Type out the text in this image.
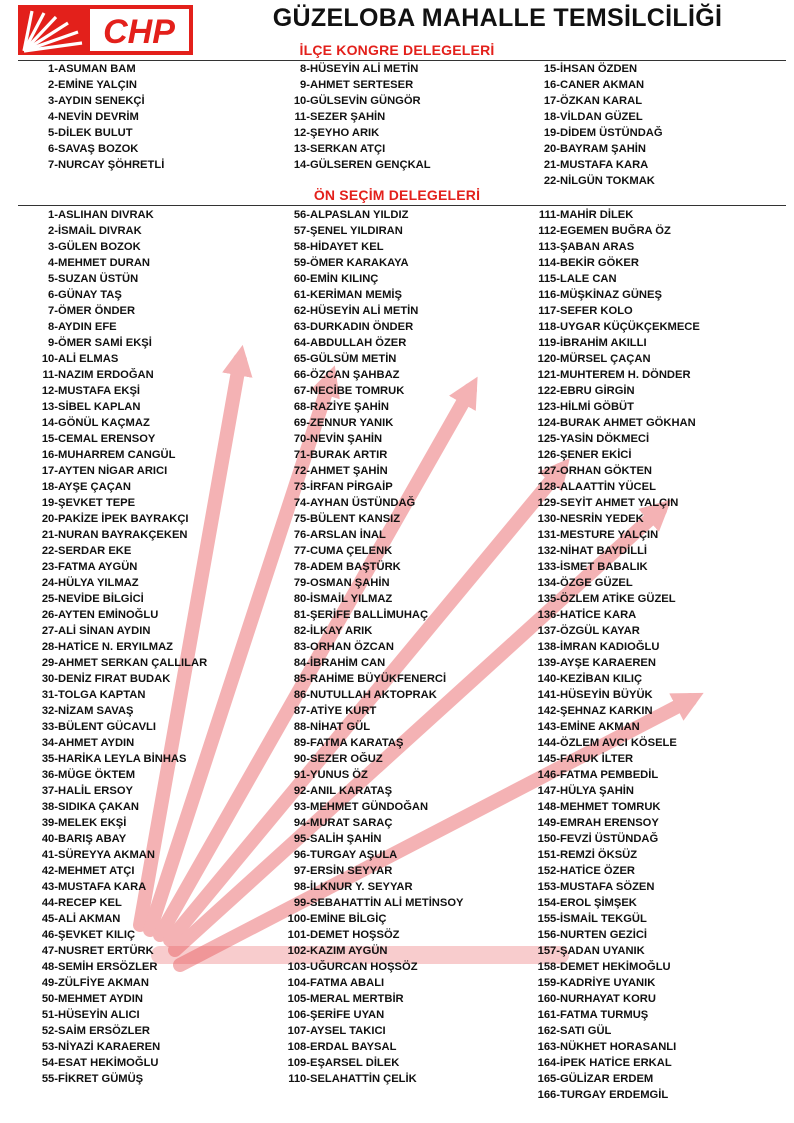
CHP	GÜZELOBA MAHALLE TEMSİLCİLİĞİ
İLÇE KONGRE DELEGELERİ
1-ASUMAN BAM
2-EMİNE YALÇIN
3-AYDIN SENEKÇİ
4-NEVİN DEVRİM
5-DİLEK BULUT
6-SAVAŞ BOZOK
7-NURCAY ŞÖHRETLİ
8-HÜSEYİN ALİ METİN
9-AHMET SERTESER
10-GÜLSEVİN GÜNGÖR
11-SEZER ŞAHİN
12-ŞEYHO ARIK
13-SERKAN ATÇI
14-GÜLSEREN GENÇKAL
15-İHSAN ÖZDEN
16-CANER AKMAN
17-ÖZKAN KARAL
18-VİLDAN GÜZEL
19-DİDEM ÜSTÜNDAĞ
20-BAYRAM ŞAHİN
21-MUSTAFA KARA
22-NİLGÜN TOKMAK
ÖN SEÇİM DELEGELERİ
1-ASLIHAN DIVRAK
2-İSMAİL DIVRAK
3-GÜLEN BOZOK
4-MEHMET DURAN
5-SUZAN ÜSTÜN
6-GÜNAY TAŞ
7-ÖMER ÖNDER
8-AYDIN EFE
9-ÖMER SAMİ EKŞİ
10-ALİ ELMAS
11-NAZIM ERDOĞAN
12-MUSTAFA EKŞİ
13-SİBEL KAPLAN
14-GÖNÜL KAÇMAZ
15-CEMAL ERENSOY
16-MUHARREM CANGÜL
17-AYTEN NİGAR ARICI
18-AYŞE ÇAÇAN
19-ŞEVKET TEPE
20-PAKİZE İPEK BAYRAKÇI
21-NURAN BAYRAKÇEKEN
22-SERDAR EKE
23-FATMA AYGÜN
24-HÜLYA YILMAZ
25-NEVİDE BİLGİCİ
26-AYTEN EMİNOĞLU
27-ALİ SİNAN AYDIN
28-HATİCE N. ERYILMAZ
29-AHMET SERKAN ÇALLILAR
30-DENİZ FIRAT BUDAK
31-TOLGA KAPTAN
32-NİZAM SAVAŞ
33-BÜLENT GÜCAVLI
34-AHMET AYDIN
35-HARİKA LEYLA BİNHAS
36-MÜGE ÖKTEM
37-HALİL ERSOY
38-SIDIKA ÇAKAN
39-MELEK EKŞİ
40-BARIŞ ABAY
41-SÜREYYA AKMAN
42-MEHMET ATÇI
43-MUSTAFA KARA
44-RECEP KEL
45-ALİ AKMAN
46-ŞEVKET KILIÇ
47-NUSRET ERTÜRK
48-SEMİH ERSÖZLER
49-ZÜLFİYE AKMAN
50-MEHMET AYDIN
51-HÜSEYİN ALICI
52-SAİM ERSÖZLER
53-NİYAZİ KARAEREN
54-ESAT HEKİMOĞLU
55-FİKRET GÜMÜŞ
56-ALPASLAN YILDIZ
57-ŞENEL YILDIRAN
58-HİDAYET KEL
59-ÖMER KARAKAYA
60-EMİN KILINÇ
61-KERİMAN MEMİŞ
62-HÜSEYİN ALİ METİN
63-DURKADIN ÖNDER
64-ABDULLAH ÖZER
65-GÜLSÜM METİN
66-ÖZCAN ŞAHBAZ
67-NECİBE TOMRUK
68-RAZİYE ŞAHİN
69-ZENNUR YANIK
70-NEVİN ŞAHİN
71-BURAK ARTIR
72-AHMET ŞAHİN
73-İRFAN PİRGAİP
74-AYHAN ÜSTÜNDAĞ
75-BÜLENT KANSIZ
76-ARSLAN İNAL
77-CUMA ÇELENK
78-ADEM BAŞTÜRK
79-OSMAN ŞAHİN
80-İSMAİL YILMAZ
81-ŞERİFE BALLİMUHAÇ
82-İLKAY ARIK
83-ORHAN ÖZCAN
84-İBRAHİM CAN
85-RAHİME BÜYÜKFENERCİ
86-NUTULLAH AKTOPRAK
87-ATİYE KURT
88-NİHAT GÜL
89-FATMA KARATAŞ
90-SEZER OĞUZ
91-YUNUS ÖZ
92-ANIL KARATAŞ
93-MEHMET GÜNDOĞAN
94-MURAT SARAÇ
95-SALİH ŞAHİN
96-TURGAY AŞULA
97-ERSİN SEYYAR
98-İLKNUR Y. SEYYAR
99-SEBAHATTİN ALİ METİNSOY
100-EMİNE BİLGİÇ
101-DEMET HOŞSÖZ
102-KAZIM AYGÜN
103-UĞURCAN HOŞSÖZ
104-FATMA ABALI
105-MERAL MERTBİR
106-ŞERİFE UYAN
107-AYSEL TAKICI
108-ERDAL BAYSAL
109-EŞARSEL DİLEK
110-SELAHATTİN ÇELİK
111-MAHİR DİLEK
112-EGEMEN BUĞRA ÖZ
113-ŞABAN ARAS
114-BEKİR GÖKER
115-LALE CAN
116-MÜŞKİNAZ GÜNEŞ
117-SEFER KOLO
118-UYGAR KÜÇÜKÇEKMECE
119-İBRAHİM AKILLI
120-MÜRSEL ÇAÇAN
121-MUHTEREM H. DÖNDER
122-EBRU GİRGİN
123-HİLMİ GÖBÜT
124-BURAK AHMET GÖKHAN
125-YASİN DÖKMECİ
126-ŞENER EKİCİ
127-ORHAN GÖKTEN
128-ALAATTİN YÜCEL
129-SEYİT AHMET YALÇIN
130-NESRİN YEDEK
131-MESTURE YALÇIN
132-NİHAT BAYDİLLİ
133-İSMET BABALIK
134-ÖZGE GÜZEL
135-ÖZLEM ATİKE GÜZEL
136-HATİCE KARA
137-ÖZGÜL KAYAR
138-İMRAN KADIOĞLU
139-AYŞE KARAEREN
140-KEZİBAN KILIÇ
141-HÜSEYİN BÜYÜK
142-ŞEHNAZ KARKIN
143-EMİNE AKMAN
144-ÖZLEM AVCI KÖSELE
145-FARUK İLTER
146-FATMA PEMBEDİL
147-HÜLYA ŞAHİN
148-MEHMET TOMRUK
149-EMRAH ERENSOY
150-FEVZİ ÜSTÜNDAĞ
151-REMZİ ÖKSÜZ
152-HATİCE ÖZER
153-MUSTAFA SÖZEN
154-EROL ŞİMŞEK
155-İSMAİL TEKGÜL
156-NURTEN GEZİCİ
157-ŞADAN UYANIK
158-DEMET HEKİMOĞLU
159-KADRİYE UYANIK
160-NURHAYAT KORU
161-FATMA TURMUŞ
162-SATI GÜL
163-NÜKHET HORASANLI
164-İPEK HATİCE ERKAL
165-GÜLİZAR ERDEM
166-TURGAY ERDEMGİL
